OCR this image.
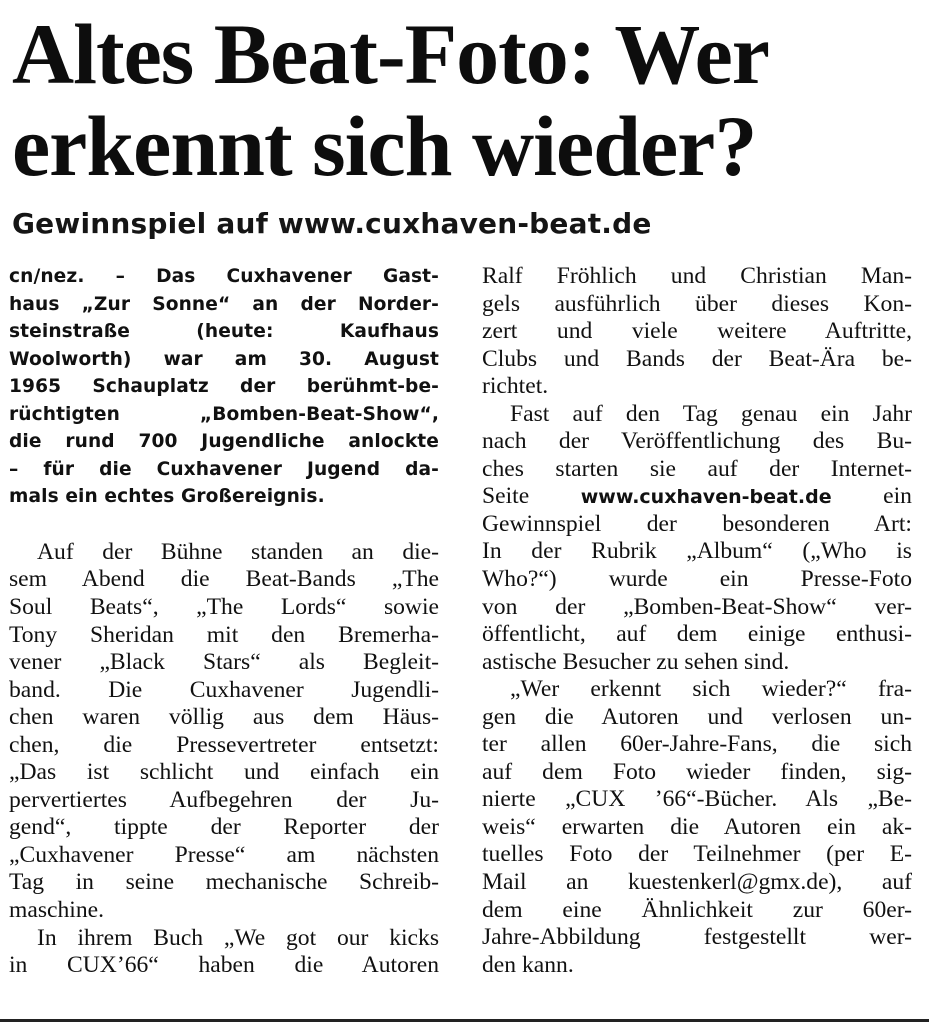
Altes Beat-Foto: Wer
erkennt sich wieder?
Gewinnspiel auf www.cuxhaven-beat.de
cn/nez. – Das Cuxhavener Gast-
haus „Zur Sonne“ an der Norder-
steinstraße (heute: Kaufhaus
Woolworth) war am 30. August
1965 Schauplatz der berühmt-be-
rüchtigten „Bomben-Beat-Show“,
die rund 700 Jugendliche anlockte
– für die Cuxhavener Jugend da-
mals ein echtes Großereignis.
Auf der Bühne standen an die-
sem Abend die Beat-Bands „The
Soul Beats“, „The Lords“ sowie
Tony Sheridan mit den Bremerha-
vener „Black Stars“ als Begleit-
band. Die Cuxhavener Jugendli-
chen waren völlig aus dem Häus-
chen, die Pressevertreter entsetzt:
„Das ist schlicht und einfach ein
pervertiertes Aufbegehren der Ju-
gend“, tippte der Reporter der
„Cuxhavener Presse“ am nächsten
Tag in seine mechanische Schreib-
maschine.
In ihrem Buch „We got our kicks
in CUX’66“ haben die Autoren
Ralf Fröhlich und Christian Man-
gels ausführlich über dieses Kon-
zert und viele weitere Auftritte,
Clubs und Bands der Beat-Ära be-
richtet.
Fast auf den Tag genau ein Jahr
nach der Veröffentlichung des Bu-
ches starten sie auf der Internet-
Seite	www.cuxhaven-beat.de ein
Gewinnspiel der besonderen Art:
In der Rubrik „Album“ („Who is
Who?“) wurde ein Presse-Foto
von der „Bomben-Beat-Show“ ver-
öffentlicht, auf dem einige enthusi-
astische Besucher zu sehen sind.
„Wer erkennt sich wieder?“ fra-
gen die Autoren und verlosen un-
ter allen 60er-Jahre-Fans, die sich
auf dem Foto wieder finden, sig-
nierte „CUX ’66“-Bücher. Als „Be-
weis“ erwarten die Autoren ein ak-
tuelles Foto der Teilnehmer (per E-
Mail an kuestenkerl@gmx.de), auf
dem eine Ähnlichkeit zur 60er-
Jahre-Abbildung festgestellt wer-
den kann.
